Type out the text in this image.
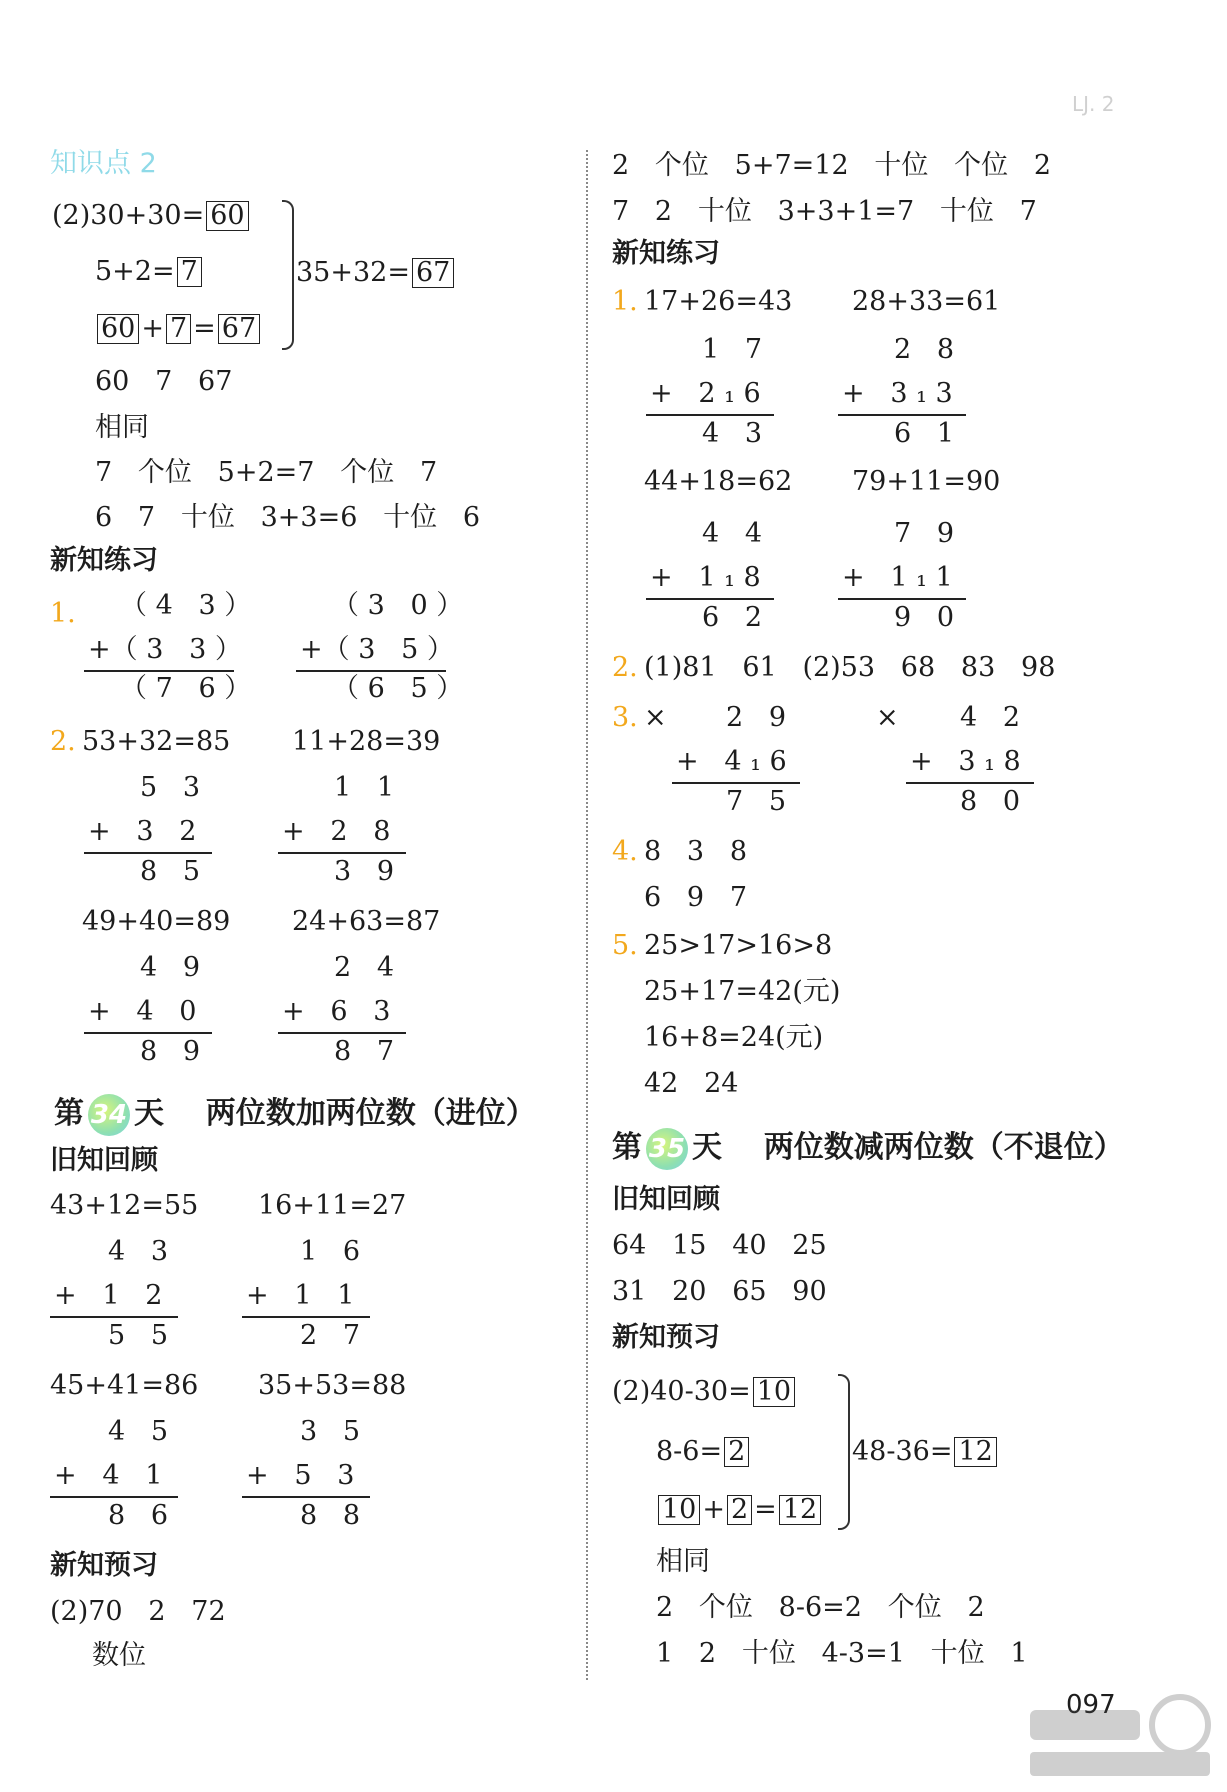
LJ. 2
知识点 2
(2)30+30= 60
5+2= 7
60 + 7 = 67
35+32= 67
60   7   67
相同
7   个位   5+2=7   个位   7
6   7   十位   3+3=6   十位   6
新知练习
1. （ 4   3 ）
+（ 3   3 ）
（ 7   6 ）
（ 3   0 ）
+（ 3   5 ）
（ 6   5 ）
2. 53+32=85 11+28=39
5   3
+   3   2
8   5
1   1
+   2   8
3   9
49+40=89 24+63=87
4   9
+   4   0
8   9
2   4
+   6   3
8   7
第 34 天    两位数加两位数（进位）
旧知回顾
43+12=55 16+11=27
4   3
+   1   2
5   5
1   6
+   1   1
2   7
45+41=86 35+53=88
4   5
+   4   1
8   6
3   5
+   5   3
8   8
新知预习
(2)70   2   72
数位
2   个位   5+7=12   十位   个位   2
7   2   十位   3+3+1=7   十位   7
新知练习
1. 17+26=43 28+33=61
1   7
+   2 ₁ 6
4   3
2   8
+   3 ₁ 3
6   1
44+18=62 79+11=90
4   4
+   1 ₁ 8
6   2
7   9
+   1 ₁ 1
9   0
2. (1)81   61   (2)53   68   83   98
3. × 2   9
+   4 ₁ 6
7   5
× 4   2
+   3 ₁ 8
8   0
4. 8   3   8
6   9   7
5. 25>17>16>8
25+17=42(元)
16+8=24(元)
42   24
第 35 天    两位数减两位数（不退位）
旧知回顾
64   15   40   25
31   20   65   90
新知预习
(2)40-30= 10
8-6= 2
10 + 2 = 12
48-36= 12
相同
2   个位   8-6=2   个位   2
1   2   十位   4-3=1   十位   1
097
